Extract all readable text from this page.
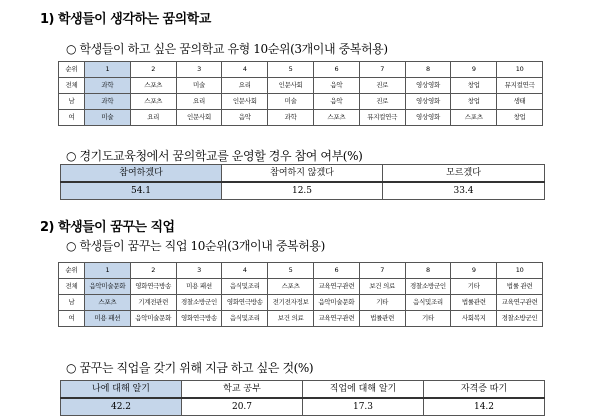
1) 학생들이 생각하는 꿈의학교
○ 학생들이 하고 싶은 꿈의학교 유형 10순위(3개이내 중복허용)
순위	1	2	3	4	5	6	7	8	9	10
전체	과학	스포츠	미술	요리	인문사회	음악	진로	영상영화	창업	뮤지컬연극
남	과학	스포츠	요리	인문사회	미술	음악	진로	영상영화	창업	생태
여	미술	요리	인문사회	음악	과학	스포츠	뮤지컬연극	영상영화	스포츠	창업
○ 경기도교육청에서 꿈의학교를 운영할 경우 참여 여부(%)
참여하겠다	참여하지 않겠다	모르겠다
54.1	12.5	33.4
2) 학생들이 꿈꾸는 직업
○ 학생들이 꿈꾸는 직업 10순위(3개이내 중복허용)
순위	1	2	3	4	5	6	7	8	9	10
전체	음악미술문화	영화연극방송	미용 패션	음식및조리	스포츠	교육연구관련	보건 의료	경찰소방군인	기타	법률 관련
남	스포츠	기계전관련	경찰소방군인	영화연극방송	전기전자정보	음악미술문화	기타	음식및조리	법률관련	교육연구관련
여	미용 패션	음악미술문화	영화연극방송	음식및조리	보건 의료	교육연구관련	법률관련	기타	사회복지	경찰소방군인
○ 꿈꾸는 직업을 갖기 위해 지금 하고 싶은 것(%)
나에 대해 알기	학교 공부	직업에 대해 알기	자격증 따기
42.2	20.7	17.3	14.2
